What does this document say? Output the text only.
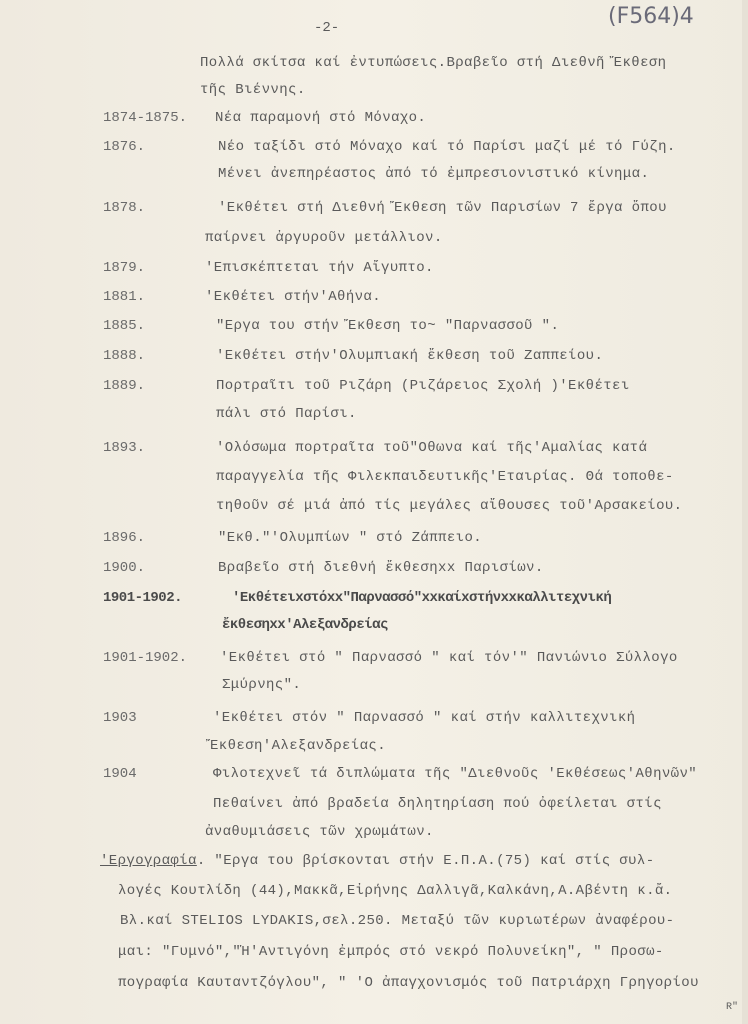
-2-	(F564)4
Πολλά σκίτσα καί ἐντυπώσεις.Βραβεῖο στή Διεθνῆ Ἔκθεση
τῆς Βιέννης.
1874-1875. Νέα παραμονή στό Μόναχο.
1876.	Νέο ταξίδι στό Μόναχο καί τό Παρίσι μαζί μέ τό Γύζη.
Μένει ἀνεπηρέαστος ἀπό τό ἐμπρεσιονιστικό κίνημα.
1878.	'Εκθέτει στή Διεθνή Ἔκθεση τῶν Παρισίων 7 ἔργα ὅπου
παίρνει ἀργυροῦν μετάλλιον.
1879.	'Επισκέπτεται τήν Αἴγυπτο.
1881.	'Εκθέτει στήν'Αθήνα.
1885.	"Εργα του στήν Ἔκθεση το~ "Παρνασσοῦ ".
1888.	'Εκθέτει στήν'Ολυμπιακή ἔκθεση τοῦ Ζαππείου.
1889.	Πορτραῖτι τοῦ Ριζάρη (Ριζάρειος Σχολή )'Εκθέτει
πάλι στό Παρίσι.
1893.	'Ολόσωμα πορτραῖτα τοῦ"Οθωνα καί τῆς'Αμαλίας κατά
παραγγελία τῆς Φιλεκπαιδευτικῆς'Εταιρίας. Θά τοποθε-
τηθοῦν σέ μιά ἀπό τίς μεγάλες αἴθουσες τοῦ'Αρσακείου.
1896.	"Εκθ."'Ολυμπίων " στό Ζάππειο.
1900.	Βραβεῖο στή διεθνή ἔκθεσηxx Παρισίων.
1901-1902.	'Εκθέτειxστόxx"Παρνασσό"xxκαίxστήνxxκαλλιτεχνική
ἔκθεσηxx'Αλεξανδρείας
1901-1902. 'Εκθέτει στό " Παρνασσό " καί τόν'" Πανιώνιο Σύλλογο
Σμύρνης".
1903	'Εκθέτει στόν " Παρνασσό " καί στήν καλλιτεχνική
Ἔκθεση'Αλεξανδρείας.
1904	Φιλοτεχνεῖ τά διπλώματα τῆς "Διεθνοῦς 'Εκθέσεως'Αθηνῶν"
Πεθαίνει ἀπό βραδεία δηλητηρίαση πού ὀφείλεται στίς
ἀναθυμιάσεις τῶν χρωμάτων.
'Εργογραφία. "Εργα του βρίσκονται στήν Ε.Π.Α.(75) καί στίς συλ-
λογές Κουτλίδη (44),Μακκᾶ,Εἰρήνης Δαλλιγᾶ,Καλκάνη,Α.Αβέντη κ.ἄ.
Βλ.καί STELIOS LYDAKIS,σελ.250. Μεταξύ τῶν κυριωτέρων ἀναφέρου-
μαι: "Γυμνό","Ἡ'Αντιγόνη ἐμπρός στό νεκρό Πολυνείκη", " Προσω-
πογραφία Καυταντζόγλου", " 'Ο ἀπαγχονισμός τοῦ Πατριάρχη Γρηγορίου
R"
